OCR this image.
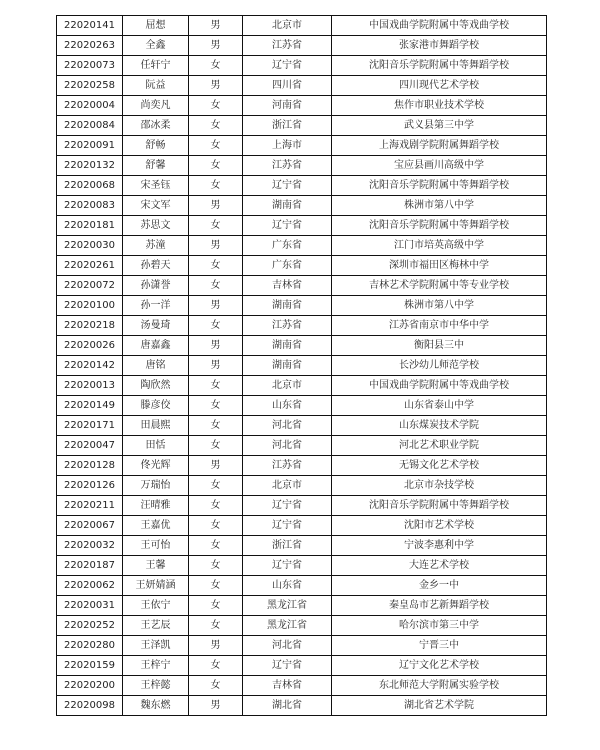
22020141	屈想	男	北京市	中国戏曲学院附属中等戏曲学校
22020263	全鑫	男	江苏省	张家港市舞蹈学校
22020073	任轩宁	女	辽宁省	沈阳音乐学院附属中等舞蹈学校
22020258	阮益	男	四川省	四川现代艺术学校
22020004	尚奕凡	女	河南省	焦作市职业技术学校
22020084	邵冰柔	女	浙江省	武义县第三中学
22020091	舒畅	女	上海市	上海戏剧学院附属舞蹈学校
22020132	舒馨	女	江苏省	宝应县画川高级中学
22020068	宋圣钰	女	辽宁省	沈阳音乐学院附属中等舞蹈学校
22020083	宋文军	男	湖南省	株洲市第八中学
22020181	苏思文	女	辽宁省	沈阳音乐学院附属中等舞蹈学校
22020030	苏潼	男	广东省	江门市培英高级中学
22020261	孙碧天	女	广东省	深圳市福田区梅林中学
22020072	孙潇誉	女	吉林省	吉林艺术学院附属中等专业学校
22020100	孙一洋	男	湖南省	株洲市第八中学
22020218	汤曼琦	女	江苏省	江苏省南京市中华中学
22020026	唐嘉鑫	男	湖南省	衡阳县三中
22020142	唐铭	男	湖南省	长沙幼儿师范学校
22020013	陶欣然	女	北京市	中国戏曲学院附属中等戏曲学校
22020149	滕彦佼	女	山东省	山东省泰山中学
22020171	田晨熙	女	河北省	山东煤炭技术学院
22020047	田恬	女	河北省	河北艺术职业学院
22020128	佟光辉	男	江苏省	无锡文化艺术学校
22020126	万瑞怡	女	北京市	北京市杂技学校
22020211	汪晴雅	女	辽宁省	沈阳音乐学院附属中等舞蹈学校
22020067	王嘉优	女	辽宁省	沈阳市艺术学校
22020032	王可怡	女	浙江省	宁波李惠利中学
22020187	王馨	女	辽宁省	大连艺术学校
22020062	王妍婧涵	女	山东省	金乡一中
22020031	王依宁	女	黑龙江省	秦皇岛市艺新舞蹈学校
22020252	王艺辰	女	黑龙江省	哈尔滨市第三中学
22020280	王泽凯	男	河北省	宁晋三中
22020159	王梓宁	女	辽宁省	辽宁文化艺术学校
22020200	王梓懿	女	吉林省	东北师范大学附属实验学校
22020098	魏东燃	男	湖北省	湖北省艺术学院
